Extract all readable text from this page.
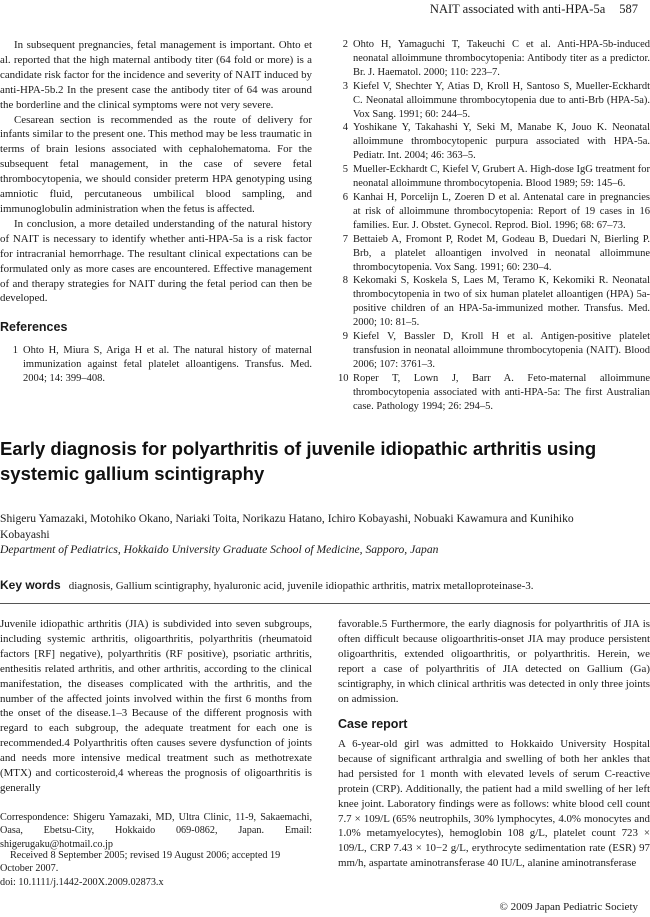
NAIT associated with anti-HPA-5a 587

In subsequent pregnancies, fetal management is important. Ohto et al. reported that the high maternal antibody titer (64 fold or more) is a candidate risk factor for the incidence and severity of NAIT induced by anti-HPA-5b.2 In the present case the antibody titer of 64 was around the borderline and the clinical symptoms were not very severe.

Cesarean section is recommended as the route of delivery for infants similar to the present one. This method may be less traumatic in terms of brain lesions associated with cephalohematoma. For the subsequent fetal management, in the case of severe fetal thrombocytopenia, we should consider preterm HPA genotyping using amniotic fluid, percutaneous umbilical blood sampling, and immunoglobulin administration when the fetus is affected.

In conclusion, a more detailed understanding of the natural history of NAIT is necessary to identify whether anti-HPA-5a is a risk factor for intracranial hemorrhage. The resultant clinical expectations can be formulated only as more cases are encountered. Effective management of and therapy strategies for NAIT during the fetal period can then be developed.

References
1 Ohto H, Miura S, Ariga H et al. The natural history of maternal immunization against fetal platelet alloantigens. Transfus. Med. 2004; 14: 399–408.
2 Ohto H, Yamaguchi T, Takeuchi C et al. Anti-HPA-5b-induced neonatal alloimmune thrombocytopenia: Antibody titer as a predictor. Br. J. Haematol. 2000; 110: 223–7.
3 Kiefel V, Shechter Y, Atias D, Kroll H, Santoso S, Mueller-Eckhardt C. Neonatal alloimmune thrombocytopenia due to anti-Brb (HPA-5a). Vox Sang. 1991; 60: 244–5.
4 Yoshikane Y, Takahashi Y, Seki M, Manabe K, Jouo K. Neonatal alloimmune thrombocytopenic purpura associated with HPA-5a. Pediatr. Int. 2004; 46: 363–5.
5 Mueller-Eckhardt C, Kiefel V, Grubert A. High-dose IgG treatment for neonatal alloimmune thrombocytopenia. Blood 1989; 59: 145–6.
6 Kanhai H, Porcelijn L, Zoeren D et al. Antenatal care in pregnancies at risk of alloimmune thrombocytopenia: Report of 19 cases in 16 families. Eur. J. Obstet. Gynecol. Reprod. Biol. 1996; 68: 67–73.
7 Bettaieb A, Fromont P, Rodet M, Godeau B, Duedari N, Bierling P. Brb, a platelet alloantigen involved in neonatal alloimmune thrombocytopenia. Vox Sang. 1991; 60: 230–4.
8 Kekomaki S, Koskela S, Laes M, Teramo K, Kekomiki R. Neonatal thrombocytopenia in two of six human platelet alloantigen (HPA) 5a-positive children of an HPA-5a-immunized mother. Transfus. Med. 2000; 10: 81–5.
9 Kiefel V, Bassler D, Kroll H et al. Antigen-positive platelet transfusion in neonatal alloimmune thrombocytopenia (NAIT). Blood 2006; 107: 3761–3.
10 Roper T, Lown J, Barr A. Feto-maternal alloimmune thrombocytopenia associated with anti-HPA-5a: The first Australian case. Pathology 1994; 26: 294–5.
Early diagnosis for polyarthritis of juvenile idiopathic arthritis using systemic gallium scintigraphy
Shigeru Yamazaki, Motohiko Okano, Nariaki Toita, Norikazu Hatano, Ichiro Kobayashi, Nobuaki Kawamura and Kunihiko Kobayashi
Department of Pediatrics, Hokkaido University Graduate School of Medicine, Sapporo, Japan
Key words diagnosis, Gallium scintigraphy, hyaluronic acid, juvenile idiopathic arthritis, matrix metalloproteinase-3.

Juvenile idiopathic arthritis (JIA) is subdivided into seven subgroups, including systemic arthritis, oligoarthritis, polyarthritis (rheumatoid factors [RF] negative), polyarthritis (RF positive), psoriatic arthritis, enthesitis related arthritis, and other arthritis, according to the clinical manifestation, the diseases complicated with the arthritis, and the number of the affected joints involved within the first 6 months from the onset of the disease.1–3 Because of the different prognosis with regard to each subgroup, the adequate treatment for each one is recommended.4 Polyarthritis often causes severe dysfunction of joints and needs more intensive medical treatment such as methotrexate (MTX) and corticosteroid,4 whereas the prognosis of oligoarthritis is generally

Correspondence: Shigeru Yamazaki, MD, Ultra Clinic, 11-9, Sakaemachi, Oasa, Ebetsu-City, Hokkaido 069-0862, Japan. Email: shigerugaku@hotmail.co.jp

Received 8 September 2005; revised 19 August 2006; accepted 19 October 2007.

doi: 10.1111/j.1442-200X.2009.02873.x

favorable.5 Furthermore, the early diagnosis for polyarthritis of JIA is often difficult because oligoarthritis-onset JIA may produce persistent oligoarthritis, extended oligoarthritis, or polyarthritis. Herein, we report a case of polyarthritis of JIA detected on Gallium (Ga) scintigraphy, in which clinical arthritis was detected in only three joints on admission.

Case report

A 6-year-old girl was admitted to Hokkaido University Hospital because of significant arthralgia and swelling of both her ankles that had persisted for 1 month with elevated levels of serum C-reactive protein (CRP). Additionally, the patient had a mild swelling of her left knee joint. Laboratory findings were as follows: white blood cell count 7.7 × 109/L (65% neutrophils, 30% lymphocytes, 4.0% monocytes and 1.0% metamyelocytes), hemoglobin 108 g/L, platelet count 723 × 109/L, CRP 7.43 × 10−2 g/L, erythrocyte sedimentation rate (ESR) 97 mm/h, aspartate aminotransferase 40 IU/L, alanine aminotransferase

© 2009 Japan Pediatric Society
